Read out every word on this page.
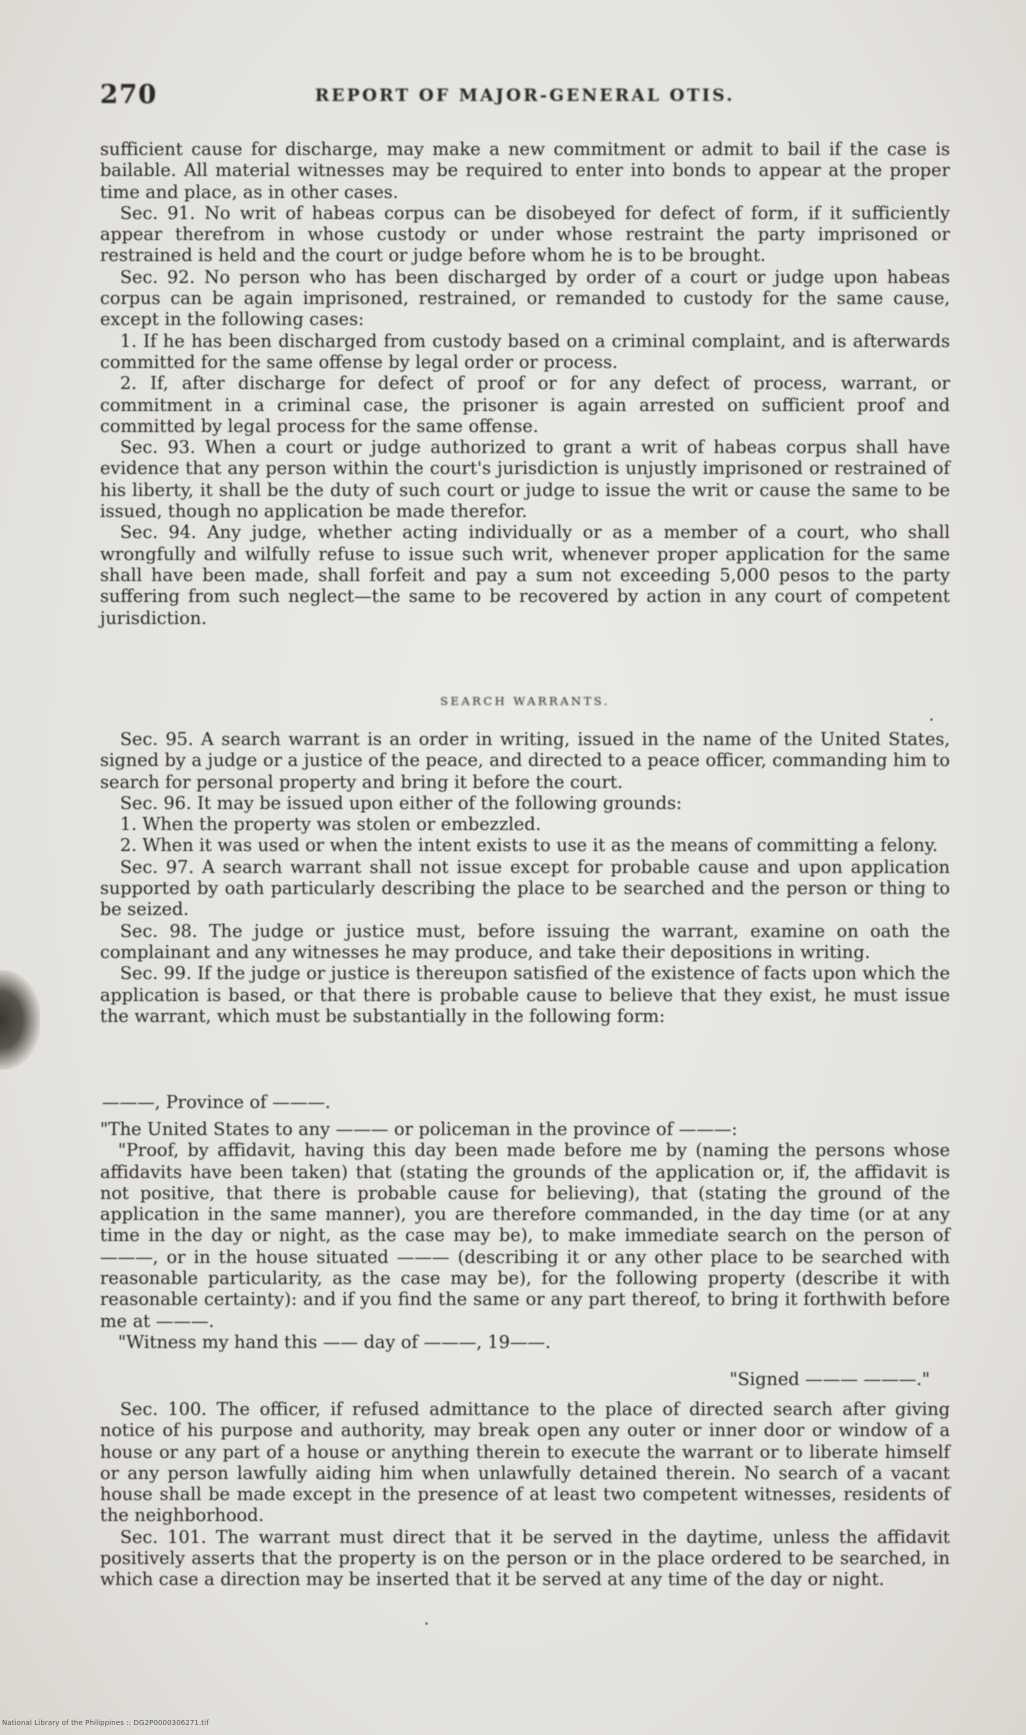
270	REPORT OF MAJOR-GENERAL OTIS.

sufficient cause for discharge, may make a new commitment or admit to bail if the case is bailable. All material witnesses may be required to enter into bonds to appear at the proper time and place, as in other cases.

Sec. 91. No writ of habeas corpus can be disobeyed for defect of form, if it sufficiently appear therefrom in whose custody or under whose restraint the party imprisoned or restrained is held and the court or judge before whom he is to be brought.

Sec. 92. No person who has been discharged by order of a court or judge upon habeas corpus can be again imprisoned, restrained, or remanded to custody for the same cause, except in the following cases:

1. If he has been discharged from custody based on a criminal complaint, and is afterwards committed for the same offense by legal order or process.

2. If, after discharge for defect of proof or for any defect of process, warrant, or commitment in a criminal case, the prisoner is again arrested on sufficient proof and committed by legal process for the same offense.

Sec. 93. When a court or judge authorized to grant a writ of habeas corpus shall have evidence that any person within the court's jurisdiction is unjustly imprisoned or restrained of his liberty, it shall be the duty of such court or judge to issue the writ or cause the same to be issued, though no application be made therefor.

Sec. 94. Any judge, whether acting individually or as a member of a court, who shall wrongfully and wilfully refuse to issue such writ, whenever proper application for the same shall have been made, shall forfeit and pay a sum not exceeding 5,000 pesos to the party suffering from such neglect—the same to be recovered by action in any court of competent jurisdiction.

SEARCH WARRANTS.

Sec. 95. A search warrant is an order in writing, issued in the name of the United States, signed by a judge or a justice of the peace, and directed to a peace officer, commanding him to search for personal property and bring it before the court.

Sec. 96. It may be issued upon either of the following grounds:

1. When the property was stolen or embezzled.

2. When it was used or when the intent exists to use it as the means of committing a felony.

Sec. 97. A search warrant shall not issue except for probable cause and upon application supported by oath particularly describing the place to be searched and the person or thing to be seized.

Sec. 98. The judge or justice must, before issuing the warrant, examine on oath the complainant and any witnesses he may produce, and take their depositions in writing.

Sec. 99. If the judge or justice is thereupon satisfied of the existence of facts upon which the application is based, or that there is probable cause to believe that they exist, he must issue the warrant, which must be substantially in the following form:

———, Province of ———.

"The United States to any ——— or policeman in the province of ———:

"Proof, by affidavit, having this day been made before me by (naming the persons whose affidavits have been taken) that (stating the grounds of the application or, if, the affidavit is not positive, that there is probable cause for believing), that (stating the ground of the application in the same manner), you are therefore commanded, in the day time (or at any time in the day or night, as the case may be), to make immediate search on the person of ———, or in the house situated ——— (describing it or any other place to be searched with reasonable particularity, as the case may be), for the following property (describe it with reasonable certainty): and if you find the same or any part thereof, to bring it forthwith before me at ———.

"Witness my hand this —— day of ———, 19——.

"Signed ——— ———."

Sec. 100. The officer, if refused admittance to the place of directed search after giving notice of his purpose and authority, may break open any outer or inner door or window of a house or any part of a house or anything therein to execute the warrant or to liberate himself or any person lawfully aiding him when unlawfully detained therein. No search of a vacant house shall be made except in the presence of at least two competent witnesses, residents of the neighborhood.

Sec. 101. The warrant must direct that it be served in the daytime, unless the affidavit positively asserts that the property is on the person or in the place ordered to be searched, in which case a direction may be inserted that it be served at any time of the day or night.

National Library of the Philippines :: DG2P0000306271.tif
